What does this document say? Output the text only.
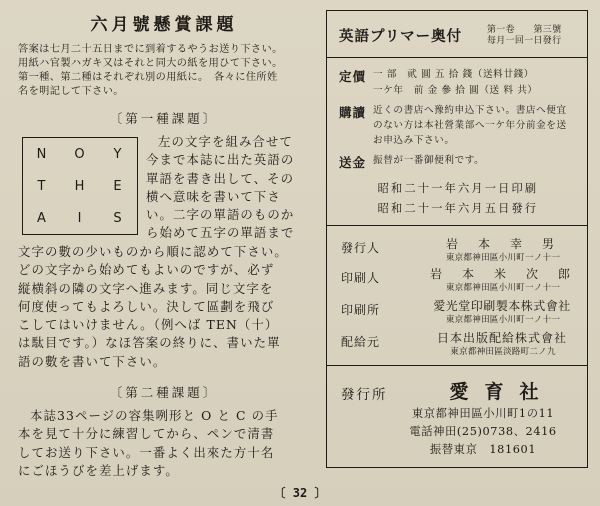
六月號懸賞課題
答案は七月二十五日までに到着するやうお送り下さい。
用紙ハ官製ハガキ又はそれと同大の紙を用ひて下さい。
第一種、第二種はそれぞれ別の用紙に。　各々に住所姓
名を明記して下さい。
〔第一種課題〕
N	O	Y
T	H	E
A	I	S
左の文字を組み合せて
今まで本誌に出た英語の
單語を書き出して、その
横へ意味を書いて下さ
い。二字の單語のものか
ら始めて五字の單語まで
文字の數の少いものから順に認めて下さい。
どの文字から始めてもよいのですが、必ず
縦横斜の隣の文字へ進みます。同じ文字を
何度使ってもよろしい。決して區劃を飛び
こしてはいけません。（例へば TEN（十）
は駄目です。）なほ答案の終りに、書いた單
語の數を書いて下さい。
〔第二種課題〕
本誌33ページの容集咧形と O と C の手
本を見て十分に練習してから、ペンで清書
してお送り下さい。一番よく出來た方十名
にごほうびを差上げます。
英語プリマー奥付	第一卷　　第三號
每月一回一日發行
定價 一 部　貮 圓 五 拾 錢（送料廿錢）
一ケ年　前 金 參 拾 圓（送 料 共）
購讀 近くの書店へ豫約申込下さい。書店へ便宜
のない方は本社營業部へ一ケ年分前金を送
お申込み下さい。
送金 振替が一番御便利です。
昭和二十一年六月一日印刷
昭和二十一年六月五日發行
發行人	岩　本　幸　男
東京都神田區小川町一ノ十一
印刷人	岩　本　米　次　郎
東京都神田區小川町一ノ十一
印刷所	愛光堂印刷製本株式會社
東京都神田區小川町一ノ十一
配給元	日本出版配給株式會社
東京都神田區淡路町二ノ九
發行所	愛育社
東京都神田區小川町1の11
電話神田(25)0738、2416
振替東京　181601
〔 32 〕
